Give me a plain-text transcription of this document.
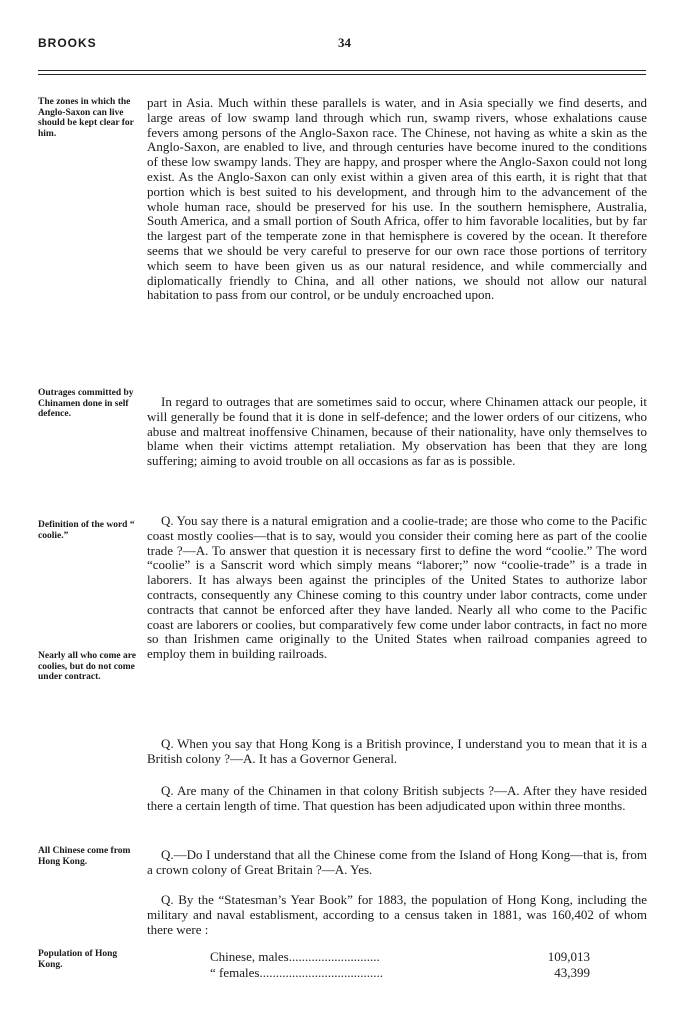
BROOKS	34
The zones in which the Anglo-Saxon can live should be kept clear for him.
Outrages committed by Chinamen done in self defence.
Definition of the word “ coolie.”
Nearly all who come are coolies, but do not come under contract.
All Chinese come from Hong Kong.
Population of Hong Kong.

part in Asia. Much within these parallels is water, and in Asia specially we find deserts, and large areas of low swamp land through which run, swamp rivers, whose exhalations cause fevers among persons of the Anglo-Saxon race. The Chinese, not having as white a skin as the Anglo-Saxon, are enabled to live, and through centuries have become inured to the conditions of these low swampy lands. They are happy, and prosper where the Anglo-Saxon could not long exist. As the Anglo-Saxon can only exist within a given area of this earth, it is right that that portion which is best suited to his development, and through him to the advancement of the whole human race, should be preserved for his use. In the southern hemisphere, Australia, South America, and a small portion of South Africa, offer to him favorable localities, but by far the largest part of the temperate zone in that hemisphere is covered by the ocean. It therefore seems that we should be very careful to preserve for our own race those portions of territory which seem to have been given us as our natural residence, and while commercially and diplomatically friendly to China, and all other nations, we should not allow our natural habitation to pass from our control, or be unduly encroached upon.

In regard to outrages that are sometimes said to occur, where Chinamen attack our people, it will generally be found that it is done in self-defence; and the lower orders of our citizens, who abuse and maltreat inoffensive Chinamen, because of their nationality, have only themselves to blame when their victims attempt retaliation. My observation has been that they are long suffering; aiming to avoid trouble on all occasions as far as is possible.

Q. You say there is a natural emigration and a coolie-trade; are those who come to the Pacific coast mostly coolies—that is to say, would you consider their coming here as part of the coolie trade ?—A. To answer that question it is necessary first to define the word “coolie.” The word “coolie” is a Sanscrit word which simply means “laborer;” now “coolie-trade” is a trade in laborers. It has always been against the principles of the United States to authorize labor contracts, consequently any Chinese coming to this country under labor contracts, come under contracts that cannot be enforced after they have landed. Nearly all who come to the Pacific coast are laborers or coolies, but comparatively few come under labor contracts, in fact no more so than Irishmen came originally to the United States when railroad companies agreed to employ them in building railroads.

Q. When you say that Hong Kong is a British province, I understand you to mean that it is a British colony ?—A. It has a Governor General.

Q. Are many of the Chinamen in that colony British subjects ?—A. After they have resided there a certain length of time. That question has been adjudicated upon within three months.

Q.—Do I understand that all the Chinese come from the Island of Hong Kong—that is, from a crown colony of Great Britain ?—A. Yes.

Q. By the “Statesman’s Year Book” for 1883, the population of Hong Kong, including the military and naval establisment, according to a census taken in 1881, was 160,402 of whom there were :

Chinese, males............................	109,013
“ females......................................	43,399
